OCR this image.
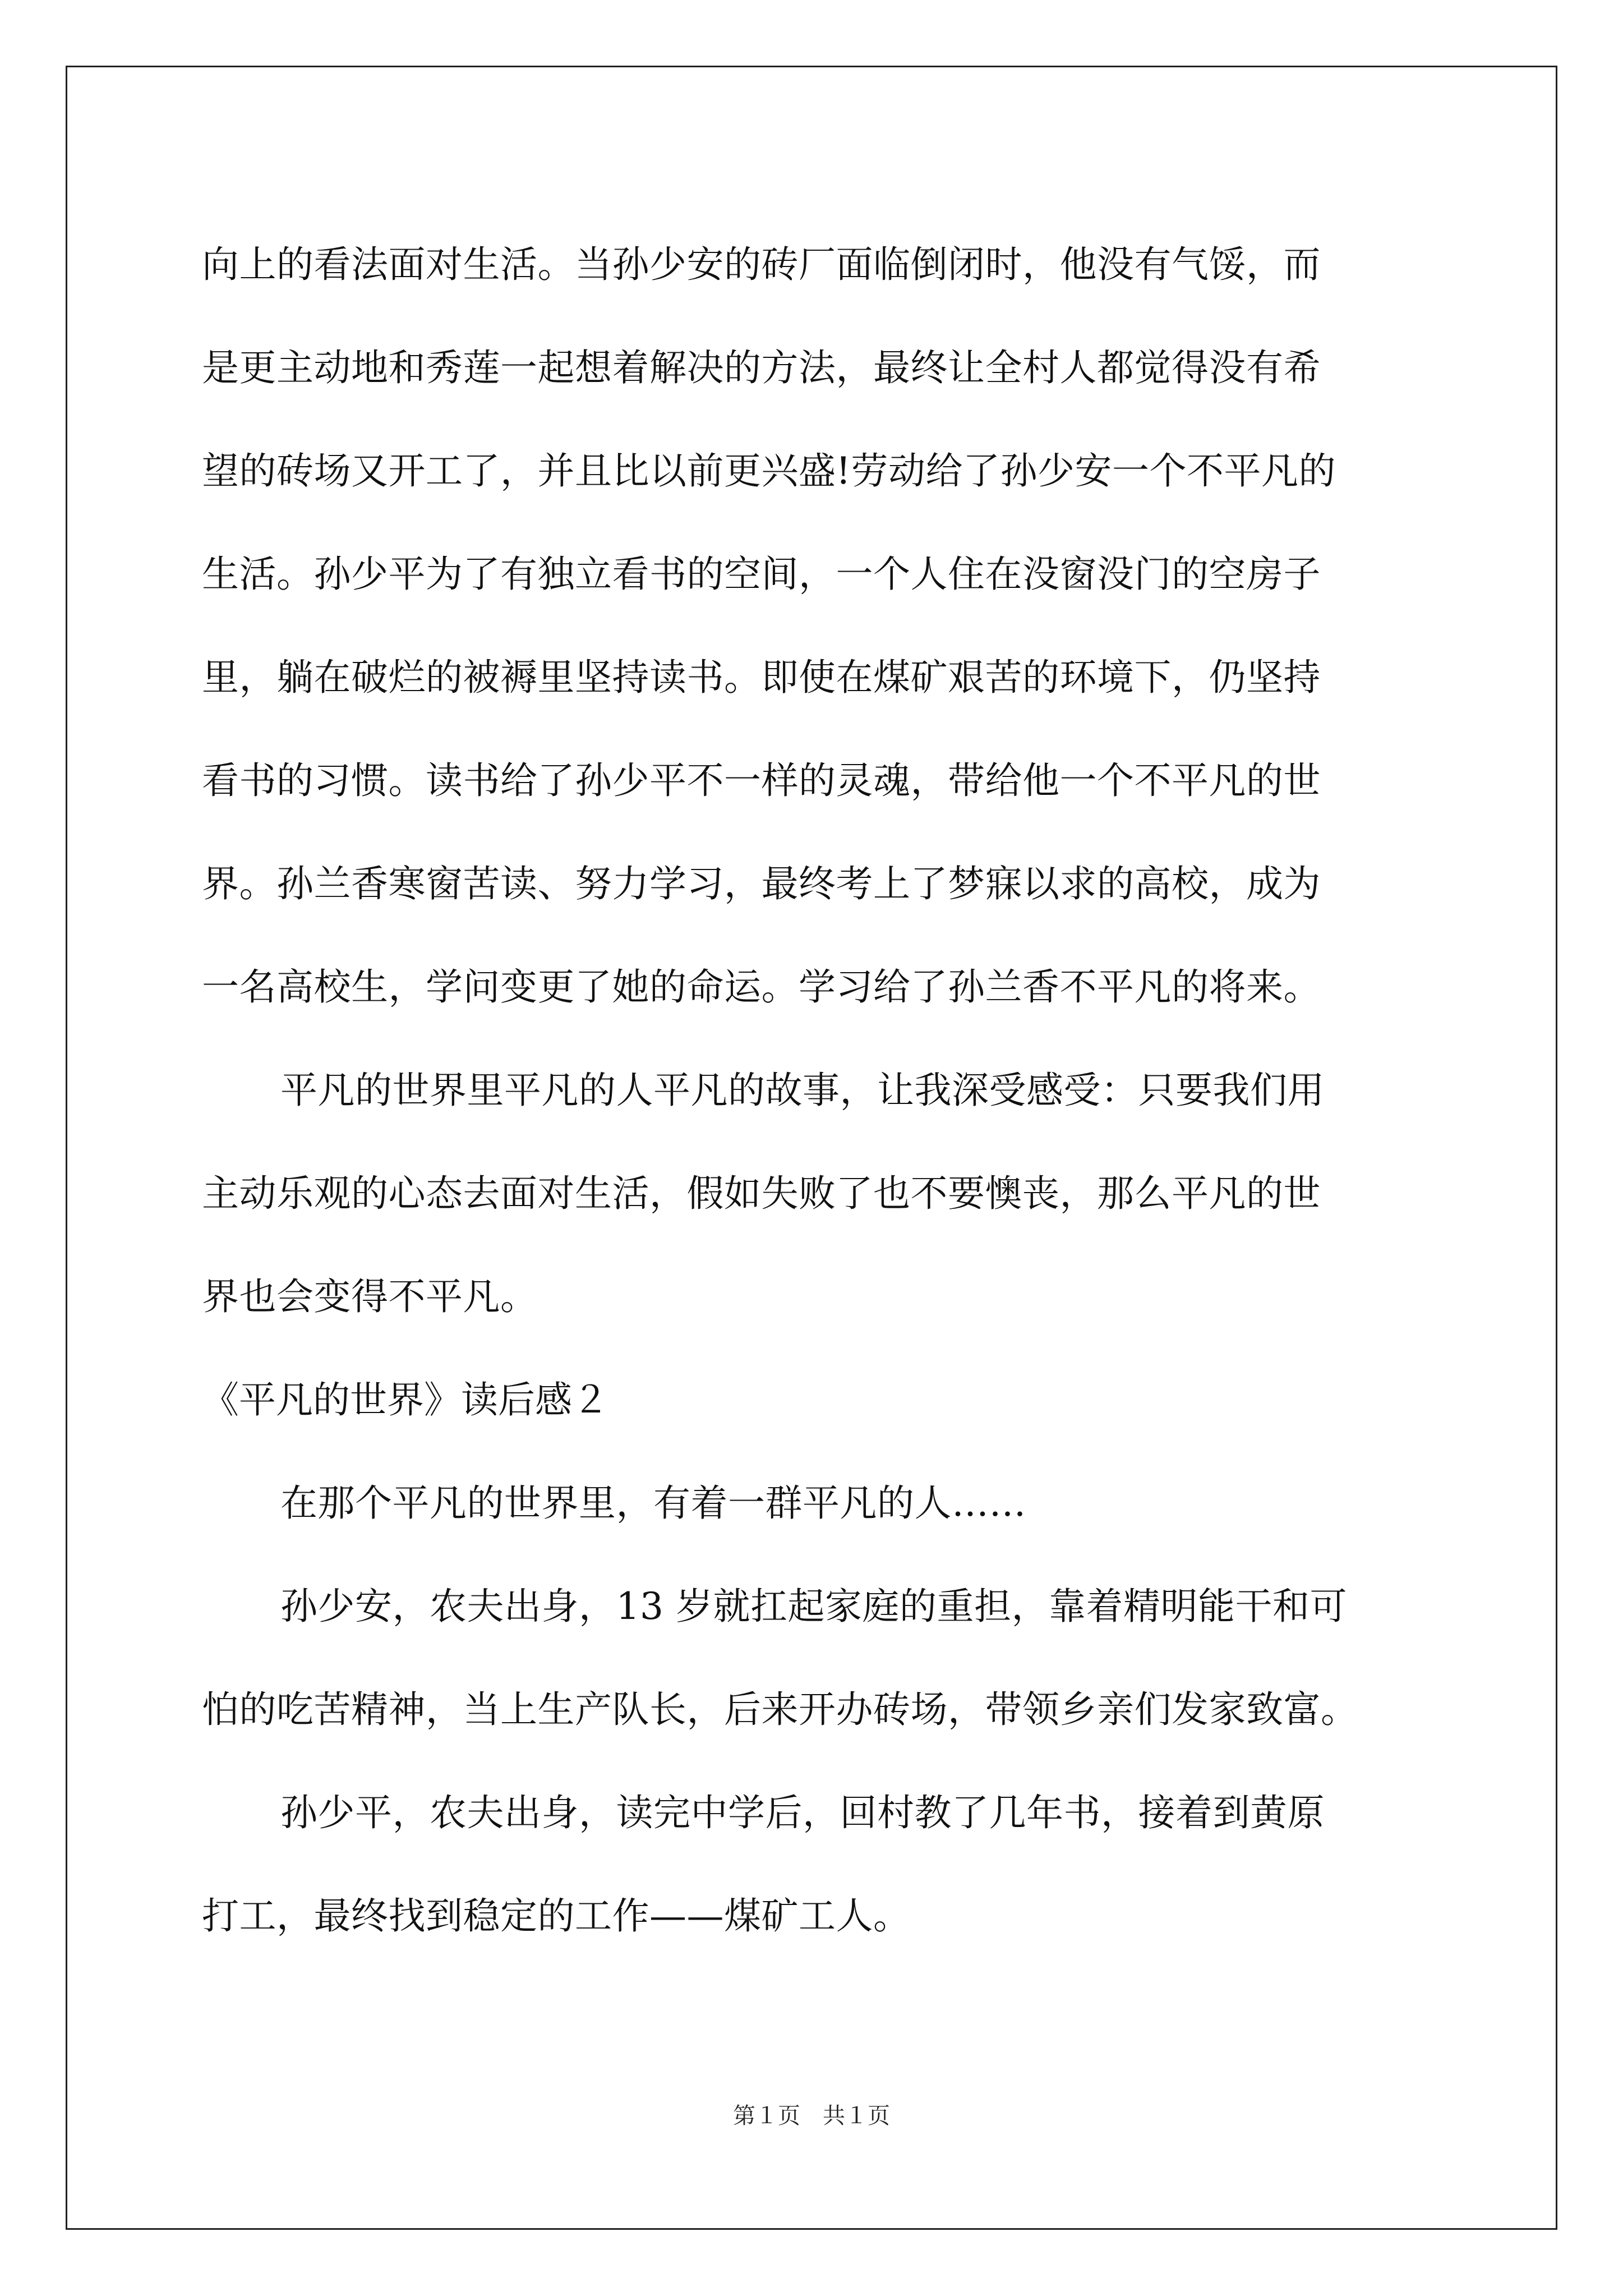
向上的看法面对生活。当孙少安的砖厂面临倒闭时，他没有气馁，而
是更主动地和秀莲一起想着解决的方法，最终让全村人都觉得没有希
望的砖场又开工了，并且比以前更兴盛!劳动给了孙少安一个不平凡的
生活。孙少平为了有独立看书的空间，一个人住在没窗没门的空房子
里，躺在破烂的被褥里坚持读书。即使在煤矿艰苦的环境下，仍坚持
看书的习惯。读书给了孙少平不一样的灵魂，带给他一个不平凡的世
界。孙兰香寒窗苦读、努力学习，最终考上了梦寐以求的高校，成为
一名高校生，学问变更了她的命运。学习给了孙兰香不平凡的将来。
平凡的世界里平凡的人平凡的故事，让我深受感受：只要我们用
主动乐观的心态去面对生活，假如失败了也不要懊丧，那么平凡的世
界也会变得不平凡。
《平凡的世界》读后感２
在那个平凡的世界里，有着一群平凡的人……
孙少安，农夫出身，13 岁就扛起家庭的重担，靠着精明能干和可
怕的吃苦精神，当上生产队长，后来开办砖场，带领乡亲们发家致富。
孙少平，农夫出身，读完中学后，回村教了几年书，接着到黄原
打工，最终找到稳定的工作——煤矿工人。
第１页　共１页
